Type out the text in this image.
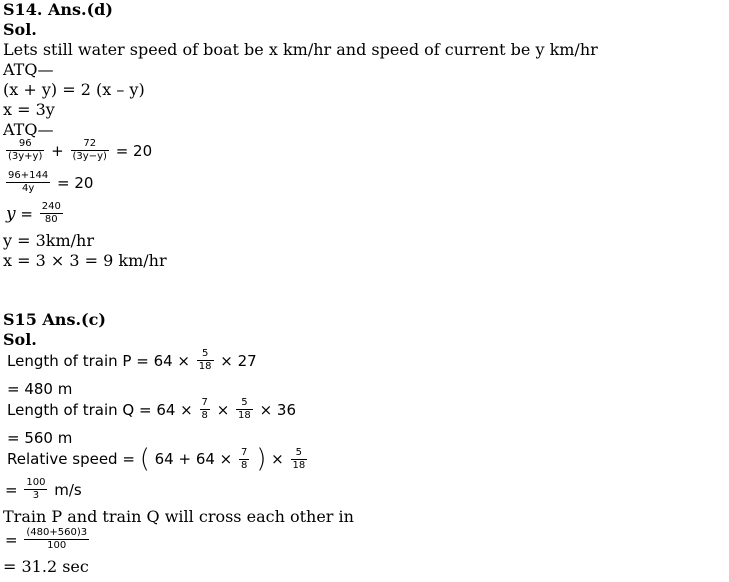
S14. Ans.(d)
Sol.
Lets still water speed of boat be x km/hr and speed of current be y km/hr
ATQ—
(x + y) = 2 (x – y)
x = 3y
ATQ—
$\frac{96}{(3y+y)} + \frac{72}{(3y-y)} = 20$
$\frac{96+144}{4y} = 20$
$y = \frac{240}{80}$
y = 3km/hr
x = 3 × 3 = 9 km/hr
S15 Ans.(c)
Sol.
Length of train $P = 64 \times \frac{5}{18} \times 27$
= 480 m
Length of train $Q = 64 \times \frac{7}{8} \times \frac{5}{18} \times 36$
= 560 m
Relative speed = ( $64 + 64 \times \frac{7}{8}$ ) × $\frac{5}{18}$
= $\frac{100}{3} m/s$
Train P and train Q will cross each other in
= $\frac{(480+560)3}{100}$
= 31.2 sec
